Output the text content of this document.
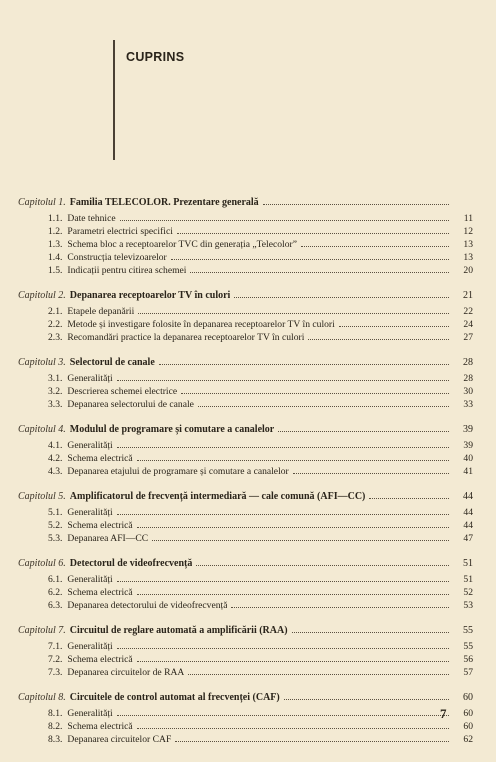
CUPRINS
Capitolul 1. Familia TELECOLOR. Prezentare generală
1.1. Date tehnice	11
1.2. Parametri electrici specifici	12
1.3. Schema bloc a receptoarelor TVC din generația „Telecolor”	13
1.4. Construcția televizoarelor	13
1.5. Indicații pentru citirea schemei	20
Capitolul 2. Depanarea receptoarelor TV în culori	21
2.1. Etapele depanării	22
2.2. Metode și investigare folosite în depanarea receptoarelor TV în culori	24
2.3. Recomandări practice la depanarea receptoarelor TV în culori	27
Capitolul 3. Selectorul de canale	28
3.1. Generalități	28
3.2. Descrierea schemei electrice	30
3.3. Depanarea selectorului de canale	33
Capitolul 4. Modulul de programare și comutare a canalelor	39
4.1. Generalități	39
4.2. Schema electrică	40
4.3. Depanarea etajului de programare și comutare a canalelor	41
Capitolul 5. Amplificatorul de frecvență intermediară — cale comună (AFI—CC)	44
5.1. Generalități	44
5.2. Schema electrică	44
5.3. Depanarea AFI—CC	47
Capitolul 6. Detectorul de videofrecvență	51
6.1. Generalități	51
6.2. Schema electrică	52
6.3. Depanarea detectorului de videofrecvență	53
Capitolul 7. Circuitul de reglare automată a amplificării (RAA)	55
7.1. Generalități	55
7.2. Schema electrică	56
7.3. Depanarea circuitelor de RAA	57
Capitolul 8. Circuitele de control automat al frecvenței (CAF)	60
8.1. Generalități	60
8.2. Schema electrică	60
8.3. Depanarea circuitelor CAF	62
7
